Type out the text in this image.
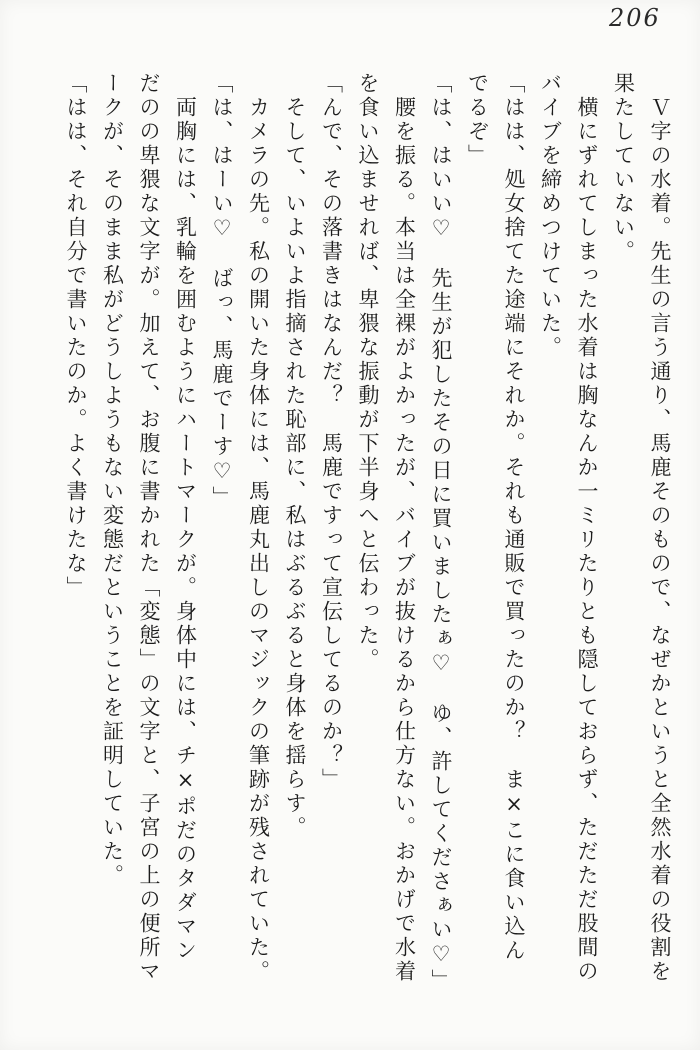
206

Ｖ字の水着。先生の言う通り、馬鹿そのもので、なぜかというと全然水着の役割を果たしていない。

横にずれてしまった水着は胸なんか一ミリたりとも隠しておらず、ただただ股間のバイブを締めつけていた。

「はは、処女捨てた途端にそれか。それも通販で買ったのか？　ま×こに食い込んでるぞ」

「は、はいい♡　先生が犯したその日に買いましたぁ♡　ゆ、許してくださぁい♡」

腰を振る。本当は全裸がよかったが、バイブが抜けるから仕方ない。おかげで水着を食い込ませれば、卑猥な振動が下半身へと伝わった。

「んで、その落書きはなんだ？　馬鹿ですって宣伝してるのか？」

そして、いよいよ指摘された恥部に、私はぶるぶると身体を揺らす。

カメラの先。私の開いた身体には、馬鹿丸出しのマジックの筆跡が残されていた。

「は、はーい♡　ばっ、馬鹿でーす♡」

両胸には、乳輪を囲むようにハートマークが。身体中には、チ×ポだのタダマンだのの卑猥な文字が。加えて、お腹に書かれた「変態」の文字と、子宮の上の便所マークが、そのまま私がどうしようもない変態だということを証明していた。

「はは、それ自分で書いたのか。よく書けたな」
